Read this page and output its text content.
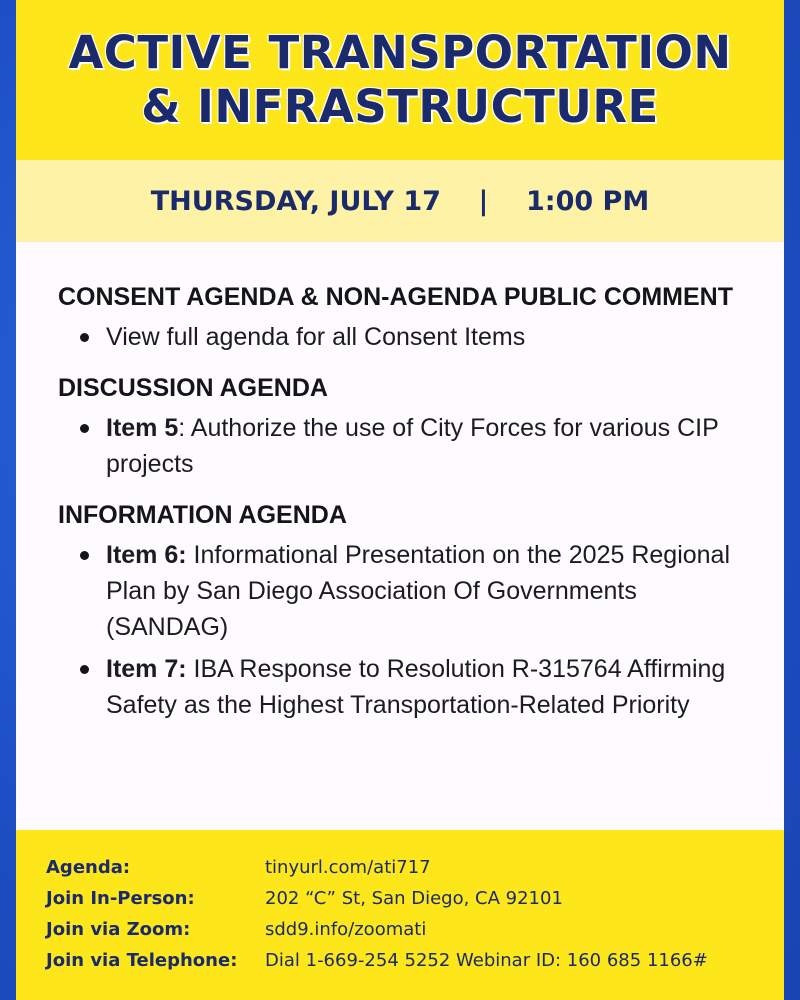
ACTIVE TRANSPORTATION
& INFRASTRUCTURE
THURSDAY, JULY 17
|
1:00 PM
CONSENT AGENDA & NON-AGENDA PUBLIC COMMENT
View full agenda for all Consent Items
DISCUSSION AGENDA
Item 5: Authorize the use of City Forces for various CIP projects
INFORMATION AGENDA
Item 6: Informational Presentation on the 2025 Regional Plan by San Diego Association Of Governments (SANDAG)
Item 7: IBA Response to Resolution R-315764 Affirming Safety as the Highest Transportation-Related Priority
Agenda:	tinyurl.com/ati717
Join In-Person:	202 “C” St, San Diego, CA 92101
Join via Zoom:	sdd9.info/zoomati
Join via Telephone:	Dial 1-669-254 5252 Webinar ID: 160 685 1166#
